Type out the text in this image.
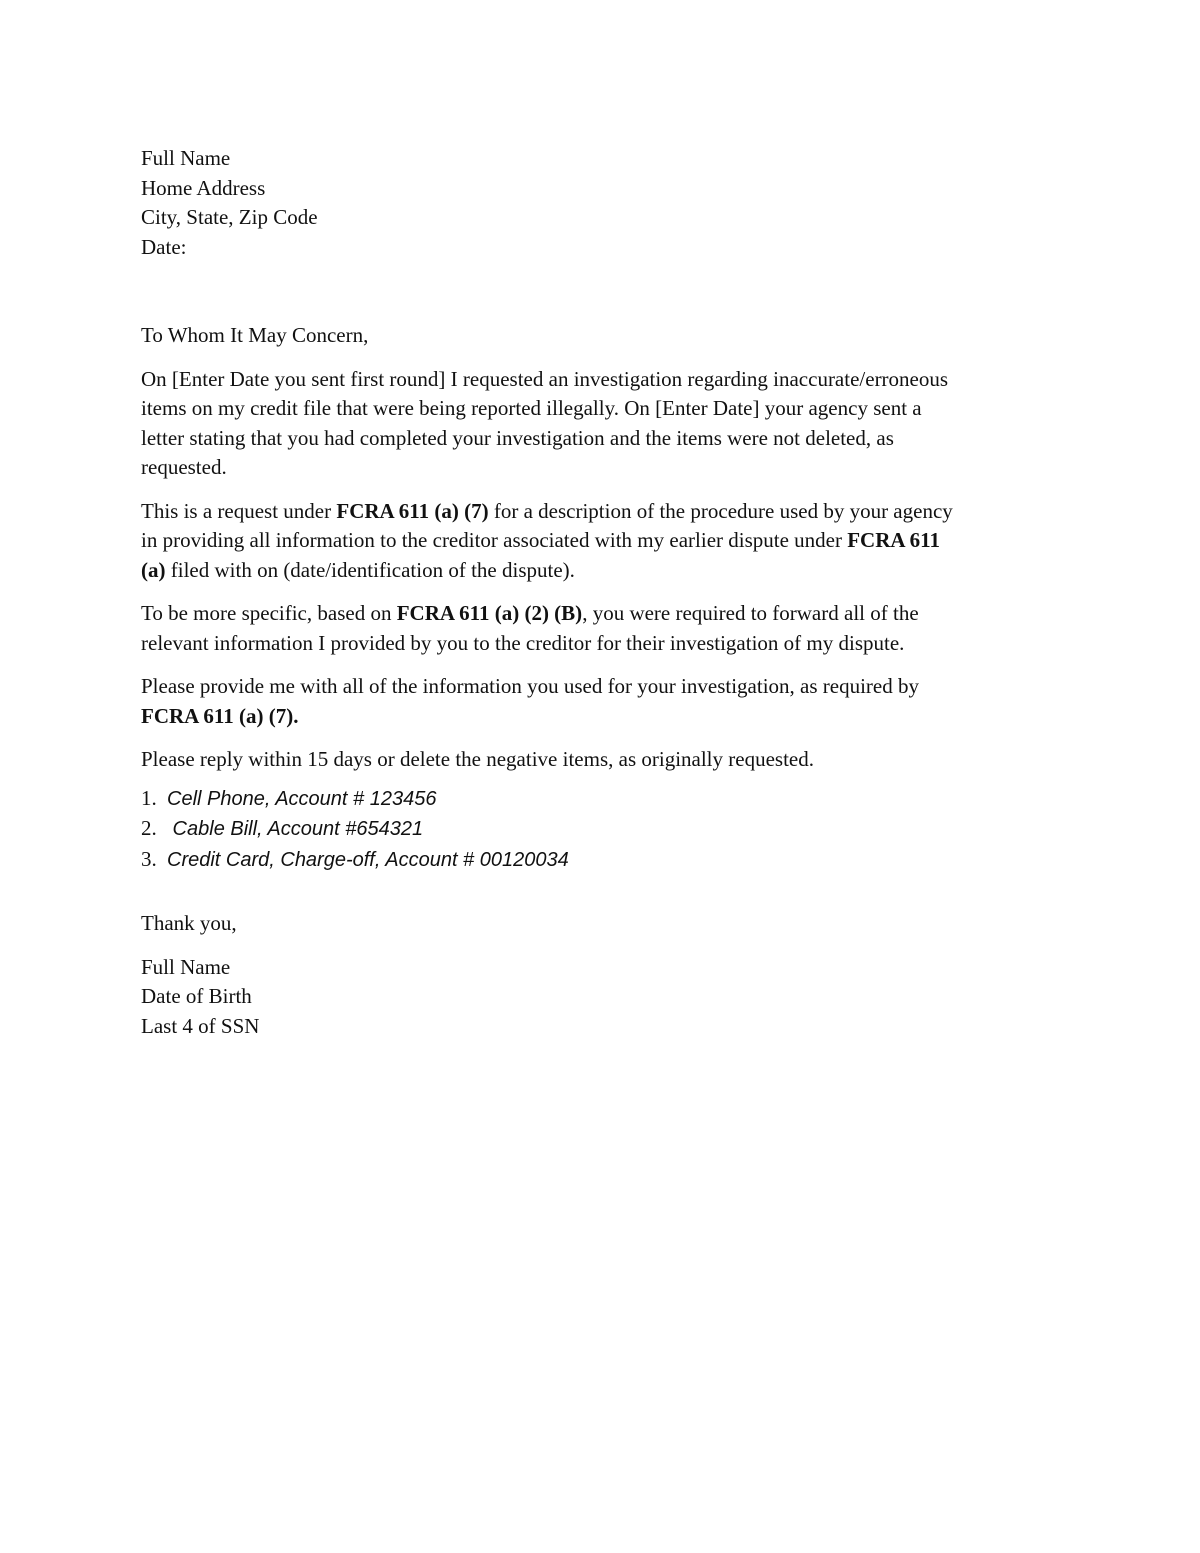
Full Name
Home Address
City, State, Zip Code
Date:
To Whom It May Concern,
On [Enter Date you sent first round] I requested an investigation regarding inaccurate/erroneous
items on my credit file that were being reported illegally. On [Enter Date] your agency sent a
letter stating that you had completed your investigation and the items were not deleted, as
requested.
This is a request under FCRA 611 (a) (7) for a description of the procedure used by your agency
in providing all information to the creditor associated with my earlier dispute under FCRA 611
(a) filed with on (date/identification of the dispute).
To be more specific, based on FCRA 611 (a) (2) (B), you were required to forward all of the
relevant information I provided by you to the creditor for their investigation of my dispute.
Please provide me with all of the information you used for your investigation, as required by
FCRA 611 (a) (7).
Please reply within 15 days or delete the negative items, as originally requested.
1. Cell Phone, Account # 123456
2. Cable Bill, Account #654321
3. Credit Card, Charge-off, Account # 00120034
Thank you,
Full Name
Date of Birth
Last 4 of SSN
